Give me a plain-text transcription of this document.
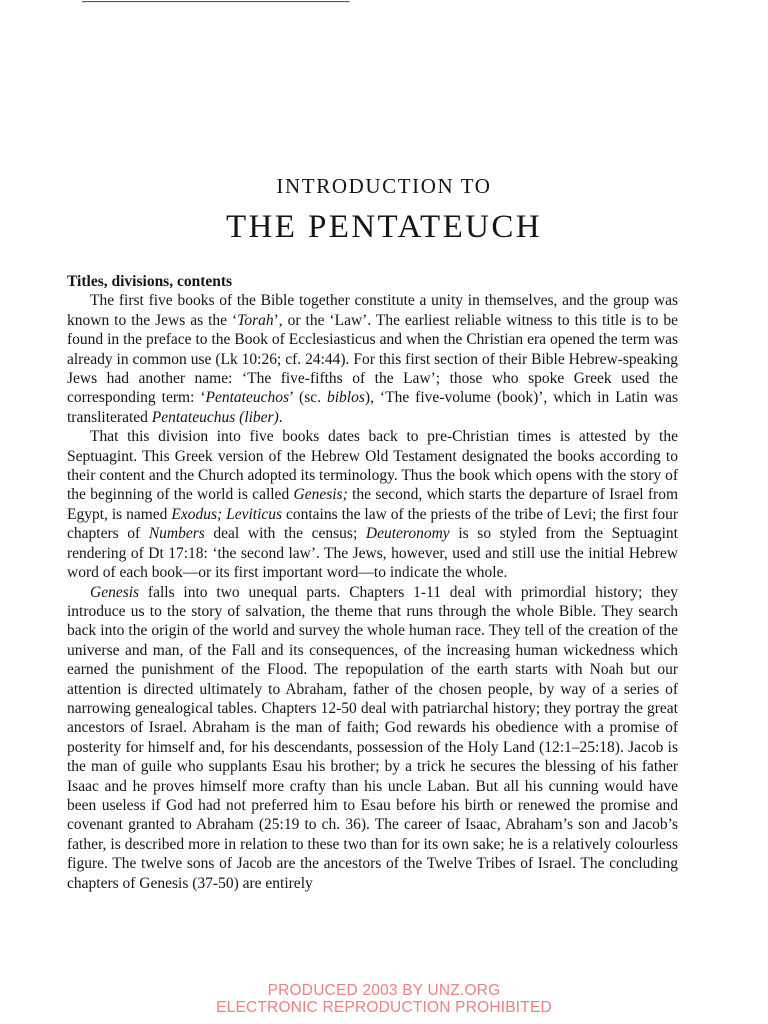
INTRODUCTION TO
THE PENTATEUCH
Titles, divisions, contents

The first five books of the Bible together constitute a unity in themselves, and the group was known to the Jews as the ‘Torah’, or the ‘Law’. The earliest reliable witness to this title is to be found in the preface to the Book of Ecclesiasticus and when the Christian era opened the term was already in common use (Lk 10:26; cf. 24:44). For this first section of their Bible Hebrew-speaking Jews had another name: ‘The five-fifths of the Law’; those who spoke Greek used the corresponding term: ‘Pentateuchos’ (sc. biblos), ‘The five-volume (book)’, which in Latin was transliterated Pentateuchus (liber).

That this division into five books dates back to pre-Christian times is attested by the Septuagint. This Greek version of the Hebrew Old Testament designated the books according to their content and the Church adopted its terminology. Thus the book which opens with the story of the beginning of the world is called Genesis; the second, which starts the departure of Israel from Egypt, is named Exodus; Leviticus contains the law of the priests of the tribe of Levi; the first four chapters of Numbers deal with the census; Deuteronomy is so styled from the Septuagint rendering of Dt 17:18: ‘the second law’. The Jews, however, used and still use the initial Hebrew word of each book—or its first important word—to indicate the whole.

Genesis falls into two unequal parts. Chapters 1-11 deal with primordial history; they introduce us to the story of salvation, the theme that runs through the whole Bible. They search back into the origin of the world and survey the whole human race. They tell of the creation of the universe and man, of the Fall and its consequences, of the increasing human wickedness which earned the punishment of the Flood. The repopulation of the earth starts with Noah but our attention is directed ultimately to Abraham, father of the chosen people, by way of a series of narrowing genealogical tables. Chapters 12-50 deal with patriarchal history; they portray the great ancestors of Israel. Abraham is the man of faith; God rewards his obedience with a promise of posterity for himself and, for his descendants, possession of the Holy Land (12:1–25:18). Jacob is the man of guile who supplants Esau his brother; by a trick he secures the blessing of his father Isaac and he proves himself more crafty than his uncle Laban. But all his cunning would have been useless if God had not preferred him to Esau before his birth or renewed the promise and covenant granted to Abraham (25:19 to ch. 36). The career of Isaac, Abraham’s son and Jacob’s father, is described more in relation to these two than for its own sake; he is a relatively colourless figure. The twelve sons of Jacob are the ancestors of the Twelve Tribes of Israel. The concluding chapters of Genesis (37-50) are entirely

PRODUCED 2003 BY UNZ.ORG
ELECTRONIC REPRODUCTION PROHIBITED
